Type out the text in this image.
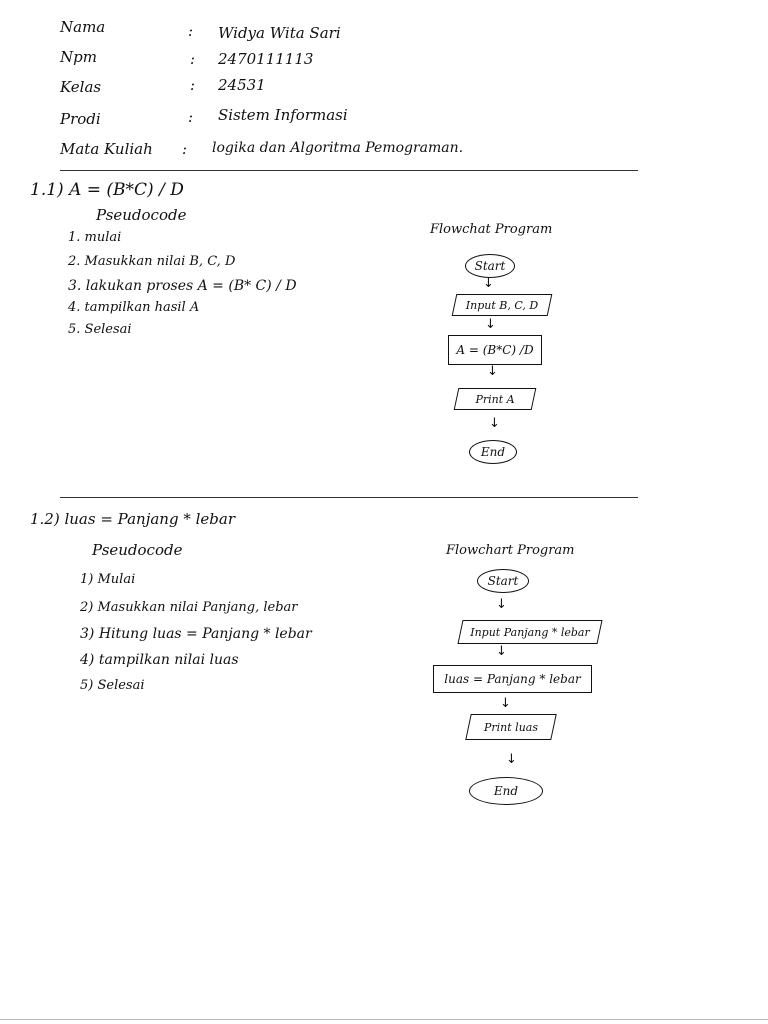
Nama	: Widya Wita Sari
Npm	: 2470111113
Kelas	: 24531
Prodi	: Sistem Informasi
Mata Kuliah : logika dan Algoritma Pemograman.
1.1) A = (B*C) / D
Pseudocode
1. mulai
2. Masukkan nilai B, C, D
3. lakukan proses A = (B* C) / D
4. tampilkan hasil A
5. Selesai
Flowchat Program
Start
↓
Input B, C, D
↓
A = (B*C) /D
↓
Print A
↓
End
1.2) luas = Panjang * lebar
Pseudocode
1) Mulai
2) Masukkan nilai Panjang, lebar
3) Hitung luas = Panjang * lebar
4) tampilkan nilai luas
5) Selesai
Flowchart Program
Start
↓
Input Panjang * lebar
↓
luas = Panjang * lebar
↓
Print luas
↓
End
